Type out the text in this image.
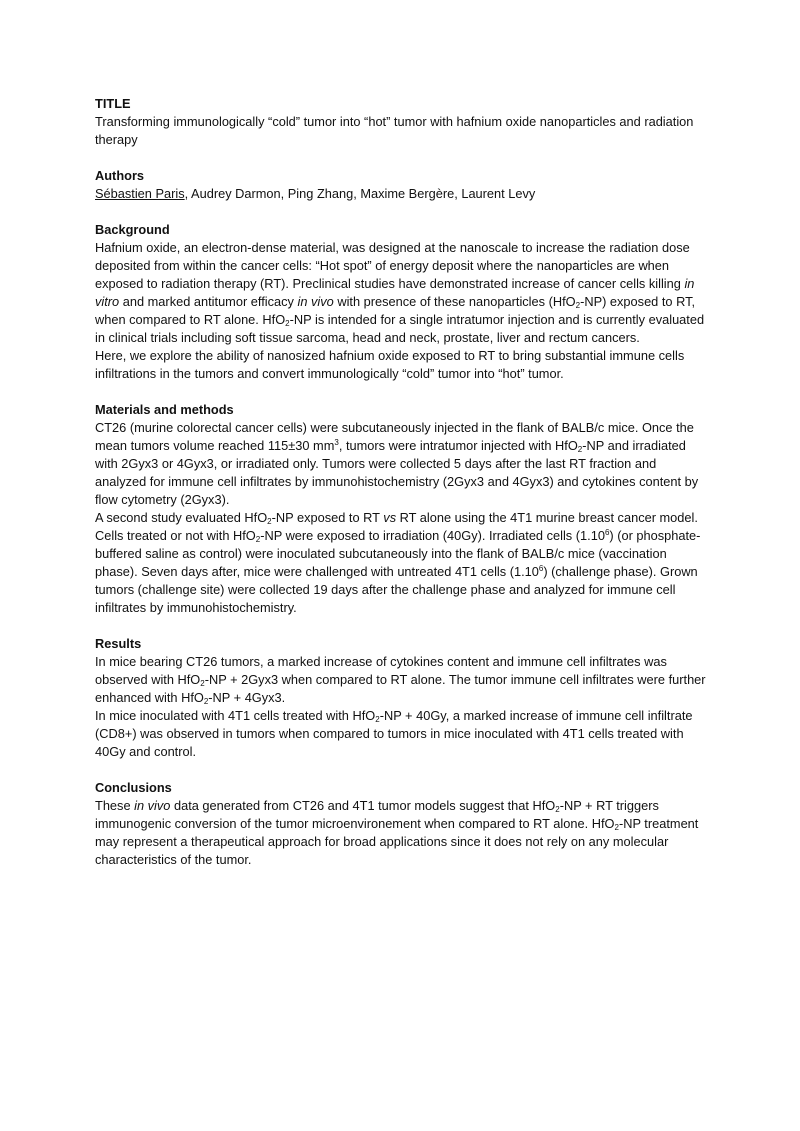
TITLE
Transforming immunologically “cold” tumor into “hot” tumor with hafnium oxide nanoparticles and radiation therapy
Authors
Sébastien Paris, Audrey Darmon, Ping Zhang, Maxime Bergère, Laurent Levy
Background
Hafnium oxide, an electron-dense material, was designed at the nanoscale to increase the radiation dose deposited from within the cancer cells: “Hot spot” of energy deposit where the nanoparticles are when exposed to radiation therapy (RT). Preclinical studies have demonstrated increase of cancer cells killing in vitro and marked antitumor efficacy in vivo with presence of these nanoparticles (HfO$_2$-NP) exposed to RT, when compared to RT alone. HfO$_2$-NP is intended for a single intratumor injection and is currently evaluated in clinical trials including soft tissue sarcoma, head and neck, prostate, liver and rectum cancers.
Here, we explore the ability of nanosized hafnium oxide exposed to RT to bring substantial immune cells infiltrations in the tumors and convert immunologically “cold” tumor into “hot” tumor.
Materials and methods
CT26 (murine colorectal cancer cells) were subcutaneously injected in the flank of BALB/c mice. Once the mean tumors volume reached 115±30 $mm^3$, tumors were intratumor injected with HfO$_2$-NP and irradiated with 2Gyx3 or 4Gyx3, or irradiated only. Tumors were collected 5 days after the last RT fraction and analyzed for immune cell infiltrates by immunohistochemistry (2Gyx3 and 4Gyx3) and cytokines content by flow cytometry (2Gyx3).
A second study evaluated HfO$_2$-NP exposed to RT vs RT alone using the 4T1 murine breast cancer model. Cells treated or not with HfO$_2$-NP were exposed to irradiation (40Gy). Irradiated cells (1.10$^6$) (or phosphate-buffered saline as control) were inoculated subcutaneously into the flank of BALB/c mice (vaccination phase). Seven days after, mice were challenged with untreated 4T1 cells (1.10$^6$) (challenge phase). Grown tumors (challenge site) were collected 19 days after the challenge phase and analyzed for immune cell infiltrates by immunohistochemistry.
Results
In mice bearing CT26 tumors, a marked increase of cytokines content and immune cell infiltrates was observed with HfO$_2$-NP + 2Gyx3 when compared to RT alone. The tumor immune cell infiltrates were further enhanced with HfO$_2$-NP + 4Gyx3.
In mice inoculated with 4T1 cells treated with HfO$_2$-NP + 40Gy, a marked increase of immune cell infiltrate (CD8+) was observed in tumors when compared to tumors in mice inoculated with 4T1 cells treated with 40Gy and control.
Conclusions
These in vivo data generated from CT26 and 4T1 tumor models suggest that HfO$_2$-NP + RT triggers immunogenic conversion of the tumor microenvironement when compared to RT alone. HfO$_2$-NP treatment may represent a therapeutical approach for broad applications since it does not rely on any molecular characteristics of the tumor.
